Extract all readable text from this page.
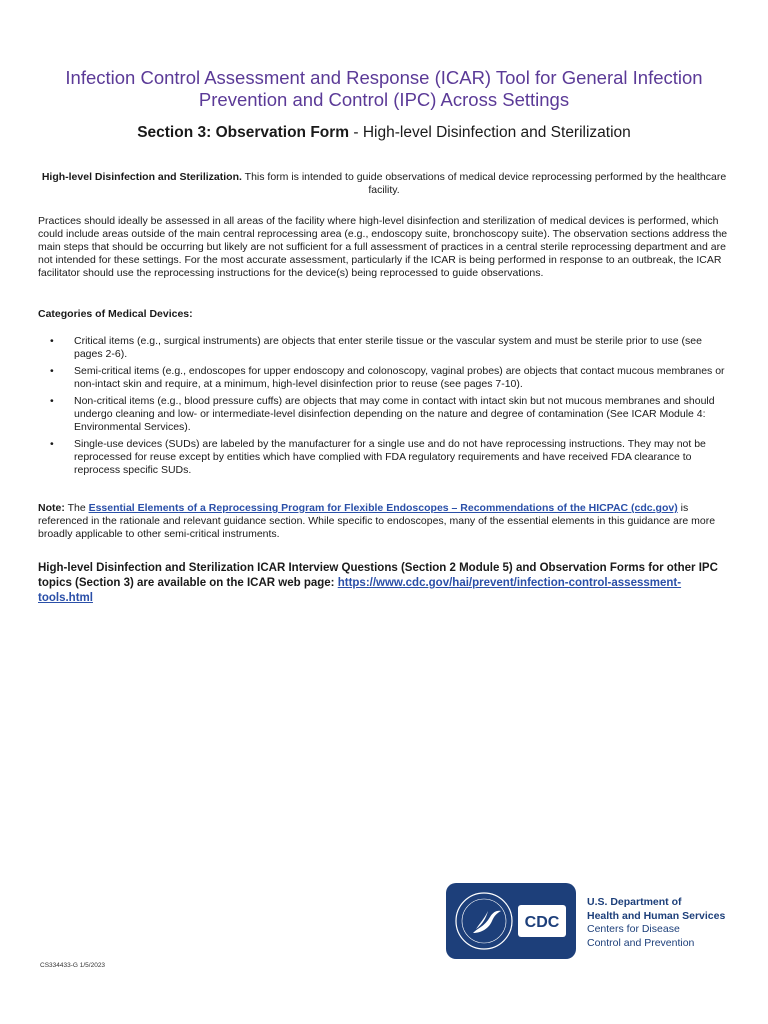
Infection Control Assessment and Response (ICAR) Tool for General Infection
Prevention and Control (IPC) Across Settings
Section 3: Observation Form - High-level Disinfection and Sterilization
High-level Disinfection and Sterilization. This form is intended to guide observations of medical device reprocessing performed by the healthcare facility.
Practices should ideally be assessed in all areas of the facility where high-level disinfection and sterilization of medical devices is performed, which could include areas outside of the main central reprocessing area (e.g., endoscopy suite, bronchoscopy suite). The observation sections address the main steps that should be occurring but likely are not sufficient for a full assessment of practices in a central sterile reprocessing department and are not intended for these settings. For the most accurate assessment, particularly if the ICAR is being performed in response to an outbreak, the ICAR facilitator should use the reprocessing instructions for the device(s) being reprocessed to guide observations.
Categories of Medical Devices:
• Critical items (e.g., surgical instruments) are objects that enter sterile tissue or the vascular system and must be sterile prior to use (see pages 2-6).
• Semi-critical items (e.g., endoscopes for upper endoscopy and colonoscopy, vaginal probes) are objects that contact mucous membranes or non-intact skin and require, at a minimum, high-level disinfection prior to reuse (see pages 7-10).
• Non-critical items (e.g., blood pressure cuffs) are objects that may come in contact with intact skin but not mucous membranes and should undergo cleaning and low- or intermediate-level disinfection depending on the nature and degree of contamination (See ICAR Module 4: Environmental Services).
• Single-use devices (SUDs) are labeled by the manufacturer for a single use and do not have reprocessing instructions. They may not be reprocessed for reuse except by entities which have complied with FDA regulatory requirements and have received FDA clearance to reprocess specific SUDs.
Note: The Essential Elements of a Reprocessing Program for Flexible Endoscopes – Recommendations of the HICPAC (cdc.gov) is referenced in the rationale and relevant guidance section. While specific to endoscopes, many of the essential elements in this guidance are more broadly applicable to other semi-critical instruments.
High-level Disinfection and Sterilization ICAR Interview Questions (Section 2 Module 5) and Observation Forms for other IPC topics (Section 3) are available on the ICAR web page: https://www.cdc.gov/hai/prevent/infection-control-assessment-tools.html
CDC
U.S. Department of
Health and Human Services
Centers for Disease
Control and Prevention
CS334433-G 1/5/2023
